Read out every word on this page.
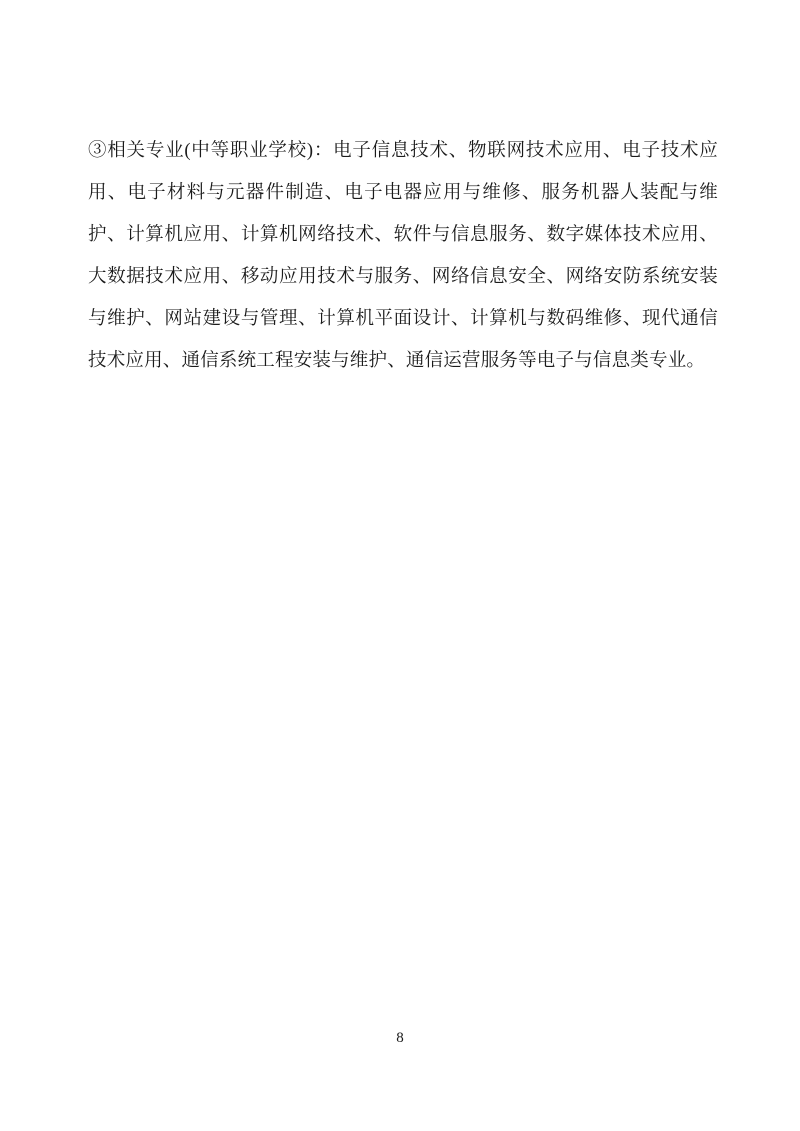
③相关专业(中等职业学校)：电子信息技术、物联网技术应用、电子技术应用、电子材料与元器件制造、电子电器应用与维修、服务机器人装配与维护、计算机应用、计算机网络技术、软件与信息服务、数字媒体技术应用、大数据技术应用、移动应用技术与服务、网络信息安全、网络安防系统安装与维护、网站建设与管理、计算机平面设计、计算机与数码维修、现代通信技术应用、通信系统工程安装与维护、通信运营服务等电子与信息类专业。

8
